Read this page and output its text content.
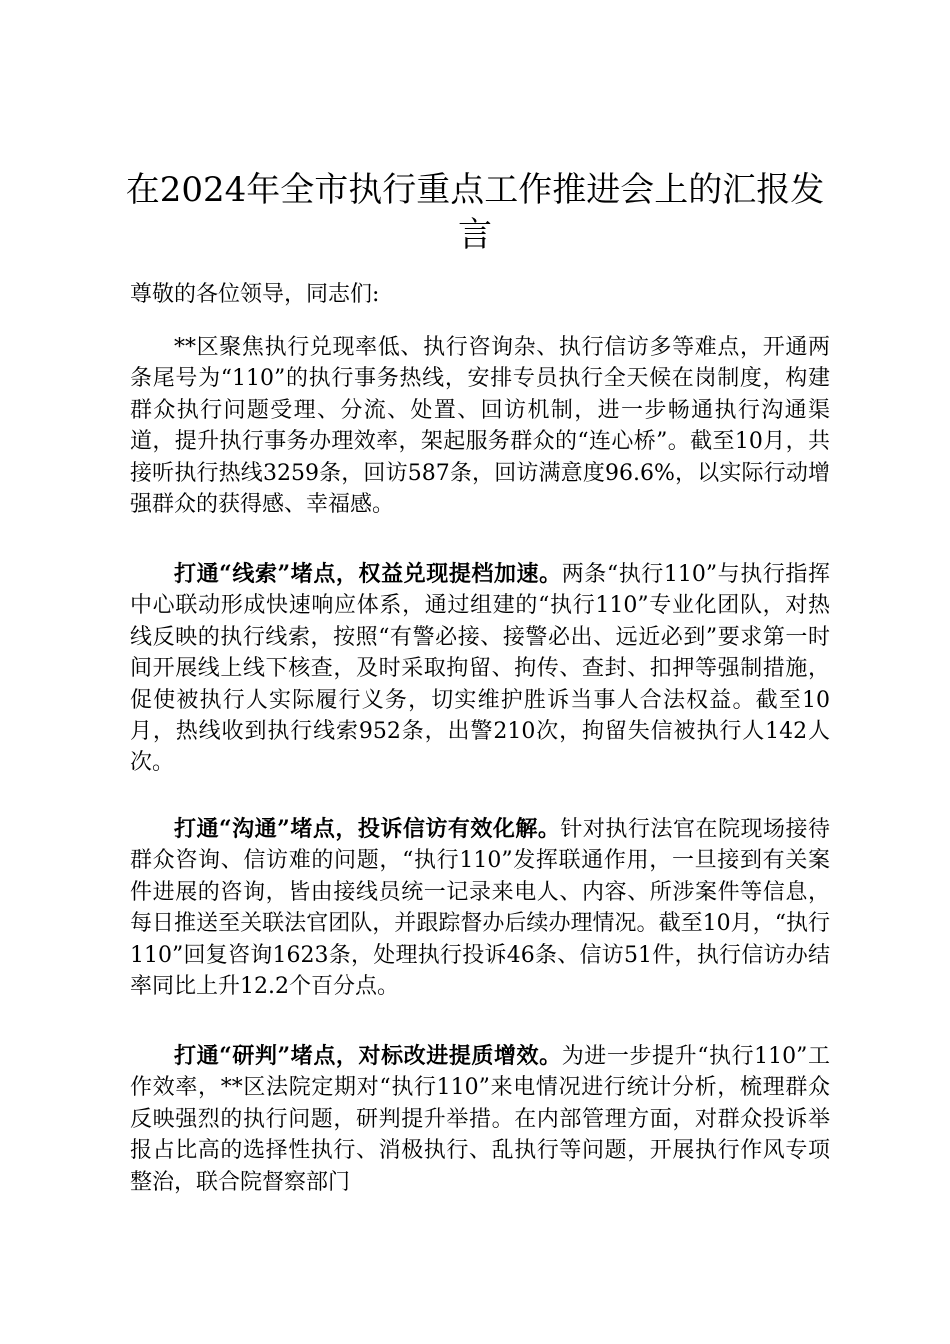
在2024年全市执行重点工作推进会上的汇报发言

尊敬的各位领导，同志们:

**区聚焦执行兑现率低、执行咨询杂、执行信访多等难点，开通两条尾号为“110”的执行事务热线，安排专员执行全天候在岗制度，构建群众执行问题受理、分流、处置、回访机制，进一步畅通执行沟通渠道，提升执行事务办理效率，架起服务群众的“连心桥”。截至10月，共接听执行热线3259条，回访587条，回访满意度96.6%，以实际行动增强群众的获得感、幸福感。

打通“线索”堵点，权益兑现提档加速。两条“执行110”与执行指挥中心联动形成快速响应体系，通过组建的“执行110”专业化团队，对热线反映的执行线索，按照“有警必接、接警必出、远近必到”要求第一时间开展线上线下核查，及时采取拘留、拘传、查封、扣押等强制措施，促使被执行人实际履行义务，切实维护胜诉当事人合法权益。截至10月，热线收到执行线索952条，出警210次，拘留失信被执行人142人次。

打通“沟通”堵点，投诉信访有效化解。针对执行法官在院现场接待群众咨询、信访难的问题，“执行110”发挥联通作用，一旦接到有关案件进展的咨询，皆由接线员统一记录来电人、内容、所涉案件等信息，每日推送至关联法官团队，并跟踪督办后续办理情况。截至10月，“执行110”回复咨询1623条，处理执行投诉46条、信访51件，执行信访办结率同比上升12.2个百分点。

打通“研判”堵点，对标改进提质增效。为进一步提升“执行110”工作效率，**区法院定期对“执行110”来电情况进行统计分析，梳理群众反映强烈的执行问题，研判提升举措。在内部管理方面，对群众投诉举报占比高的选择性执行、消极执行、乱执行等问题，开展执行作风专项整治，联合院督察部门
